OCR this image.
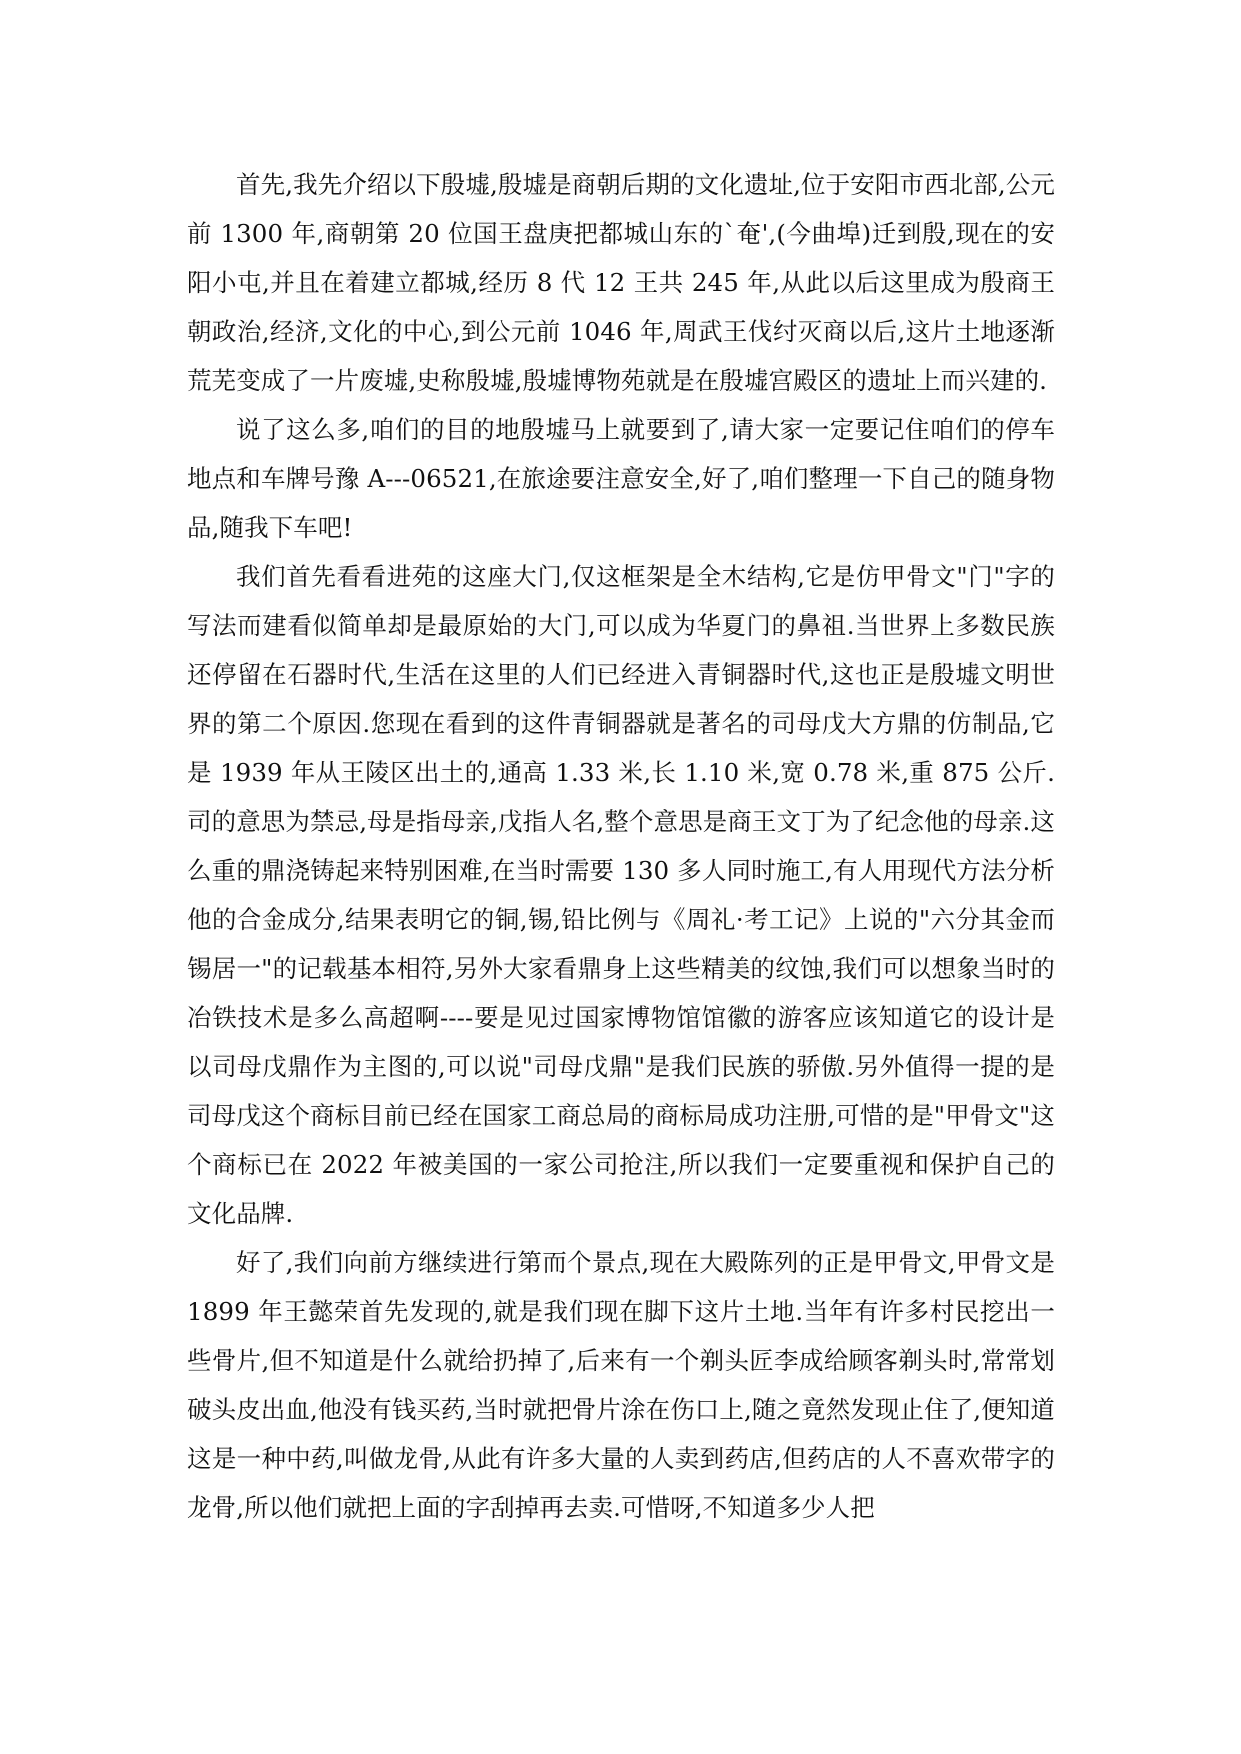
首先,我先介绍以下殷墟,殷墟是商朝后期的文化遗址,位于安阳市西北部,公元前 1300 年,商朝第 20 位国王盘庚把都城山东的`奄',(今曲埠)迁到殷,现在的安阳小屯,并且在着建立都城,经历 8 代 12 王共 245 年,从此以后这里成为殷商王朝政治,经济,文化的中心,到公元前 1046 年,周武王伐纣灭商以后,这片土地逐渐荒芜变成了一片废墟,史称殷墟,殷墟博物苑就是在殷墟宫殿区的遗址上而兴建的.

说了这么多,咱们的目的地殷墟马上就要到了,请大家一定要记住咱们的停车地点和车牌号豫 A---06521,在旅途要注意安全,好了,咱们整理一下自己的随身物品,随我下车吧!

我们首先看看进苑的这座大门,仅这框架是全木结构,它是仿甲骨文"门"字的写法而建看似简单却是最原始的大门,可以成为华夏门的鼻祖.当世界上多数民族还停留在石器时代,生活在这里的人们已经进入青铜器时代,这也正是殷墟文明世界的第二个原因.您现在看到的这件青铜器就是著名的司母戊大方鼎的仿制品,它是 1939 年从王陵区出土的,通高 1.33 米,长 1.10 米,宽 0.78 米,重 875 公斤.司的意思为禁忌,母是指母亲,戊指人名,整个意思是商王文丁为了纪念他的母亲.这么重的鼎浇铸起来特别困难,在当时需要 130 多人同时施工,有人用现代方法分析他的合金成分,结果表明它的铜,锡,铅比例与《周礼·考工记》上说的"六分其金而锡居一"的记载基本相符,另外大家看鼎身上这些精美的纹蚀,我们可以想象当时的冶铁技术是多么高超啊----要是见过国家博物馆馆徽的游客应该知道它的设计是以司母戊鼎作为主图的,可以说"司母戊鼎"是我们民族的骄傲.另外值得一提的是司母戊这个商标目前已经在国家工商总局的商标局成功注册,可惜的是"甲骨文"这个商标已在 2022 年被美国的一家公司抢注,所以我们一定要重视和保护自己的文化品牌.

好了,我们向前方继续进行第而个景点,现在大殿陈列的正是甲骨文,甲骨文是 1899 年王懿荣首先发现的,就是我们现在脚下这片土地.当年有许多村民挖出一些骨片,但不知道是什么就给扔掉了,后来有一个剃头匠李成给顾客剃头时,常常划破头皮出血,他没有钱买药,当时就把骨片涂在伤口上,随之竟然发现止住了,便知道这是一种中药,叫做龙骨,从此有许多大量的人卖到药店,但药店的人不喜欢带字的龙骨,所以他们就把上面的字刮掉再去卖.可惜呀,不知道多少人把
